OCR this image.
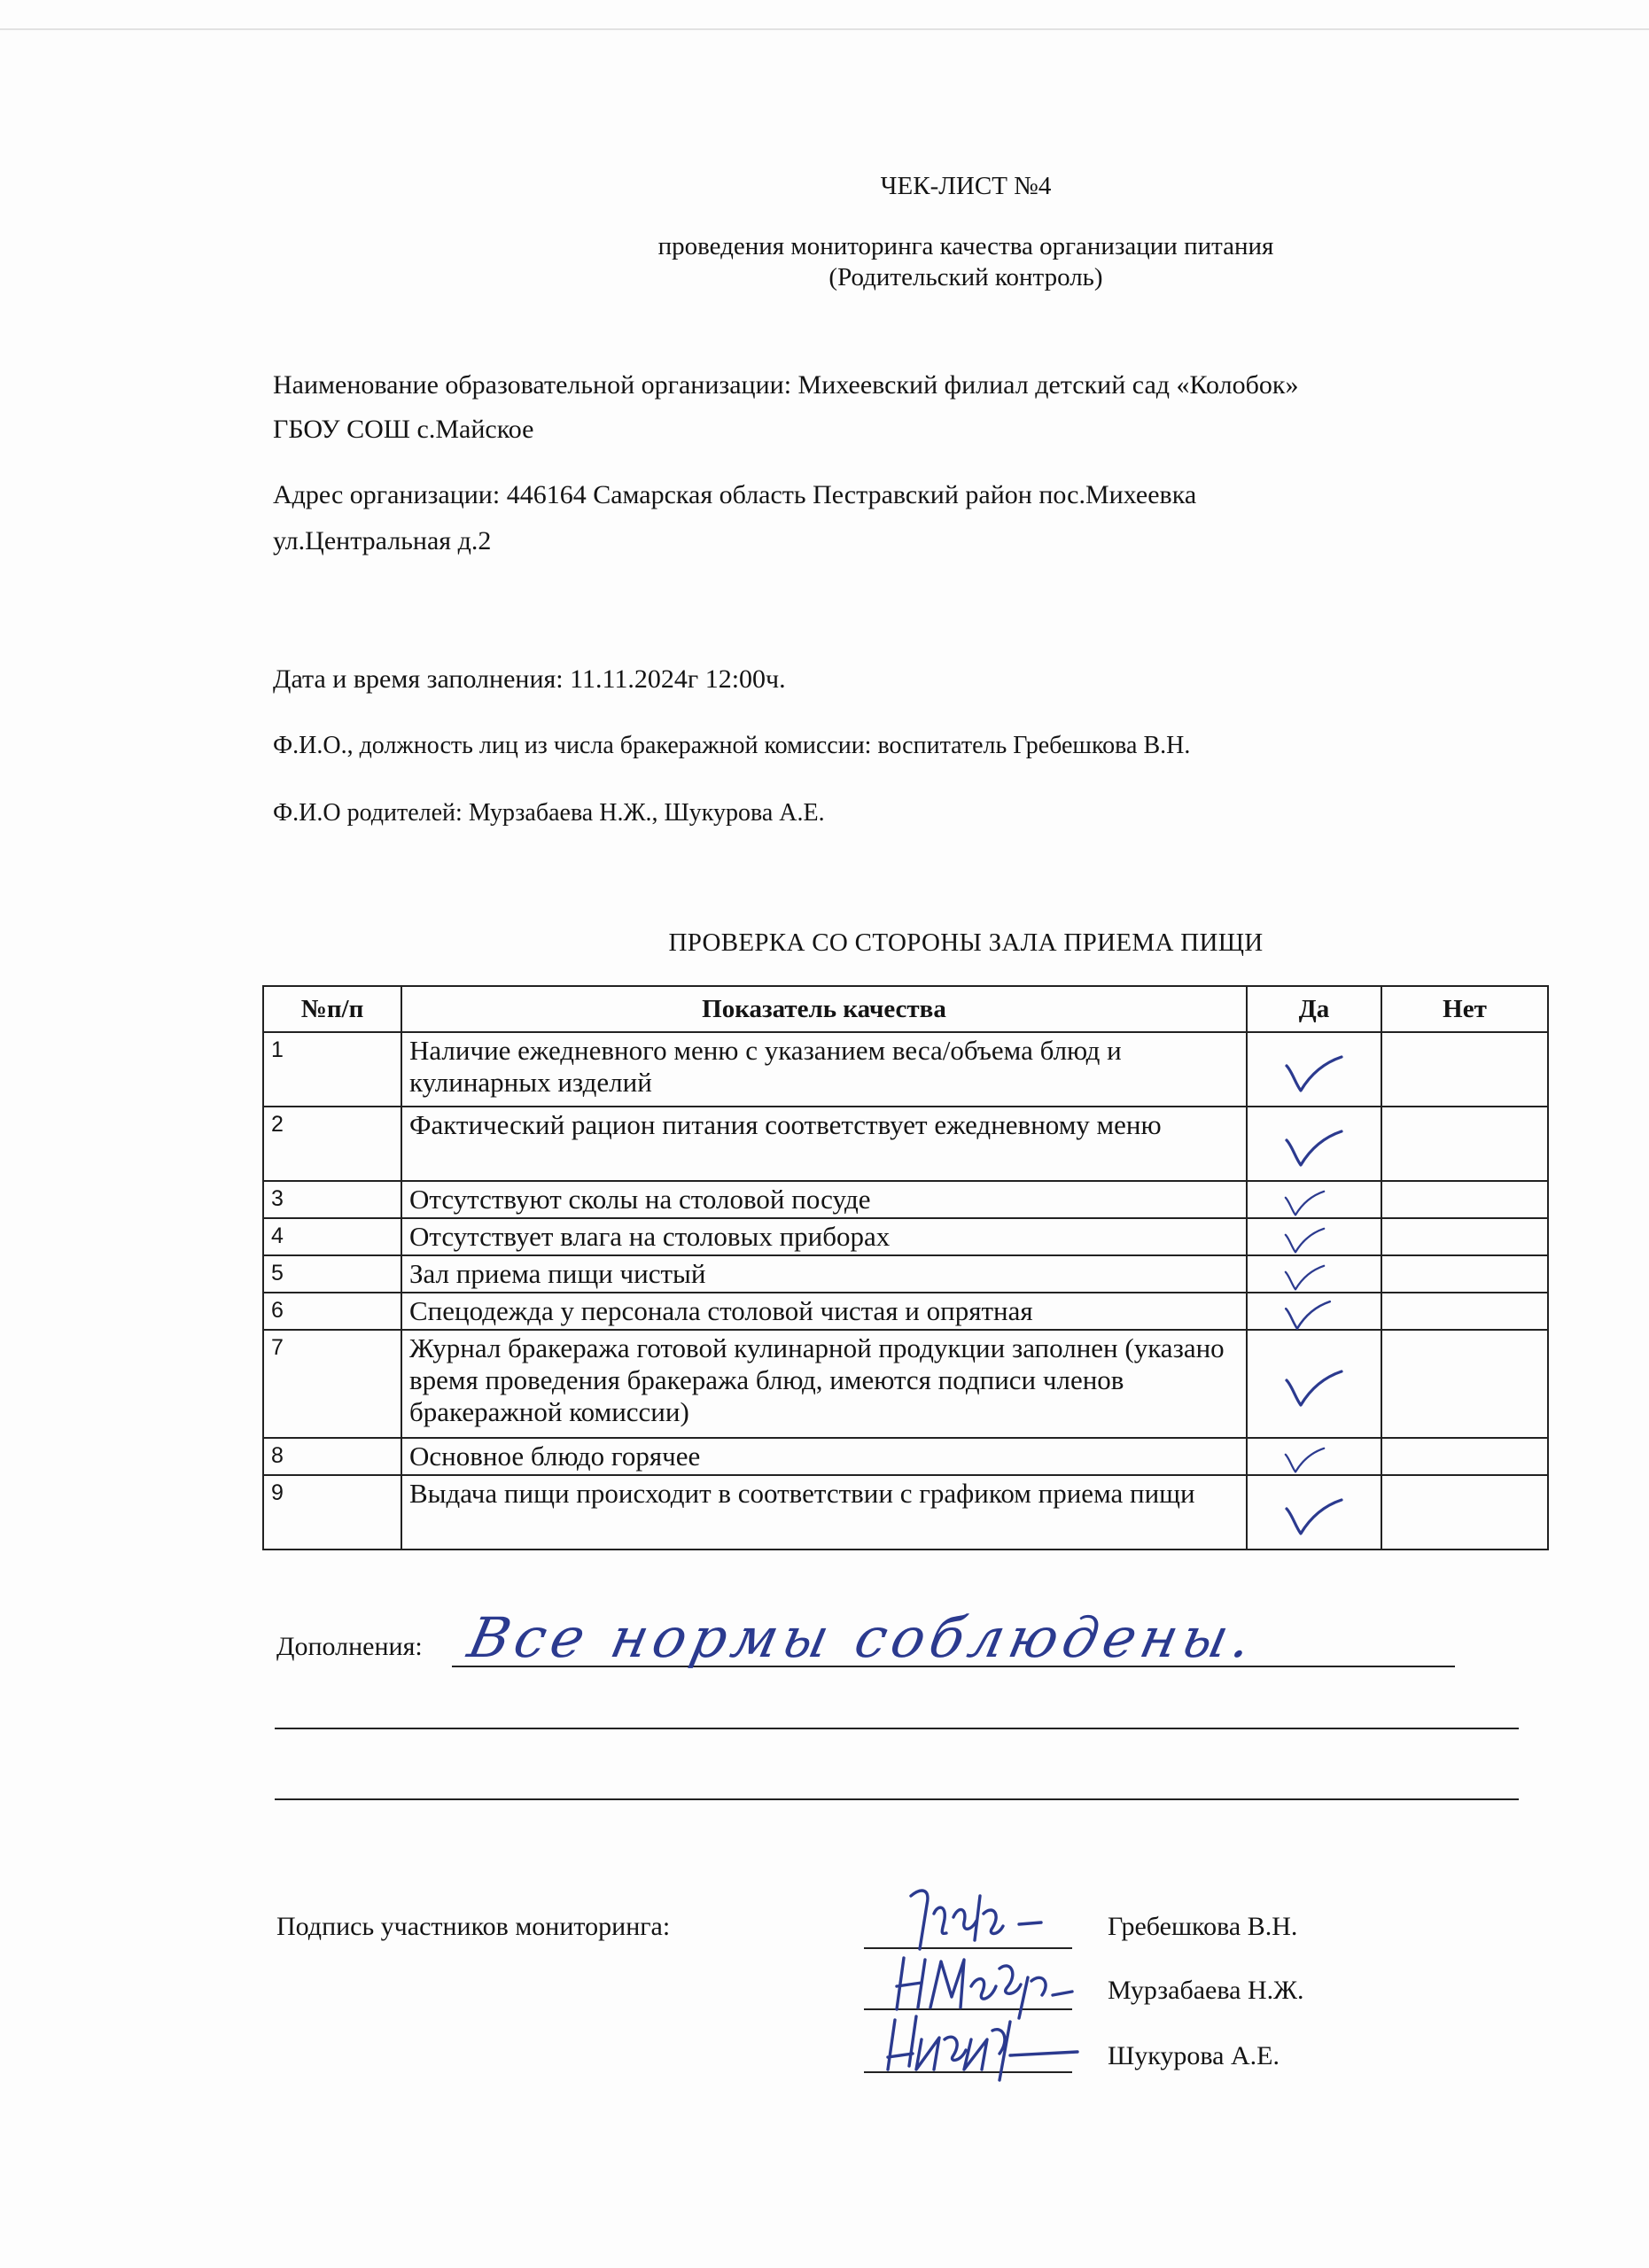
ЧЕК-ЛИСТ №4
проведения мониторинга качества организации питания
(Родительский контроль)
Наименование образовательной организации: Михеевский филиал детский сад «Колобок»
ГБОУ СОШ с.Майское
Адрес организации: 446164 Самарская область Пестравский район пос.Михеевка
ул.Центральная д.2
Дата и время заполнения: 11.11.2024г 12:00ч.
Ф.И.О., должность лиц из числа бракеражной комиссии: воспитатель Гребешкова В.Н.
Ф.И.О родителей: Мурзабаева Н.Ж., Шукурова А.Е.
ПРОВЕРКА СО СТОРОНЫ ЗАЛА ПРИЕМА ПИЩИ
№п/п	Показатель качества	Да	Нет
1	Наличие ежедневного меню с указанием веса/объема блюд и кулинарных изделий	

2	Фактический рацион питания соответствует ежедневному меню	

3	Отсутствуют сколы на столовой посуде	

4	Отсутствует влага на столовых приборах	

5	Зал приема пищи чистый	

6	Спецодежда у персонала столовой чистая и опрятная	

7	Журнал бракеража готовой кулинарной продукции заполнен (указано время проведения бракеража блюд, имеются подписи членов бракеражной комиссии)	

8	Основное блюдо горячее	

9	Выдача пищи происходит в соответствии с графиком приема пищи	

Дополнения: Все нормы соблюдены.
Подпись участников мониторинга:	Гребешкова В.Н.
Мурзабаева Н.Ж.
Шукурова А.Е.
